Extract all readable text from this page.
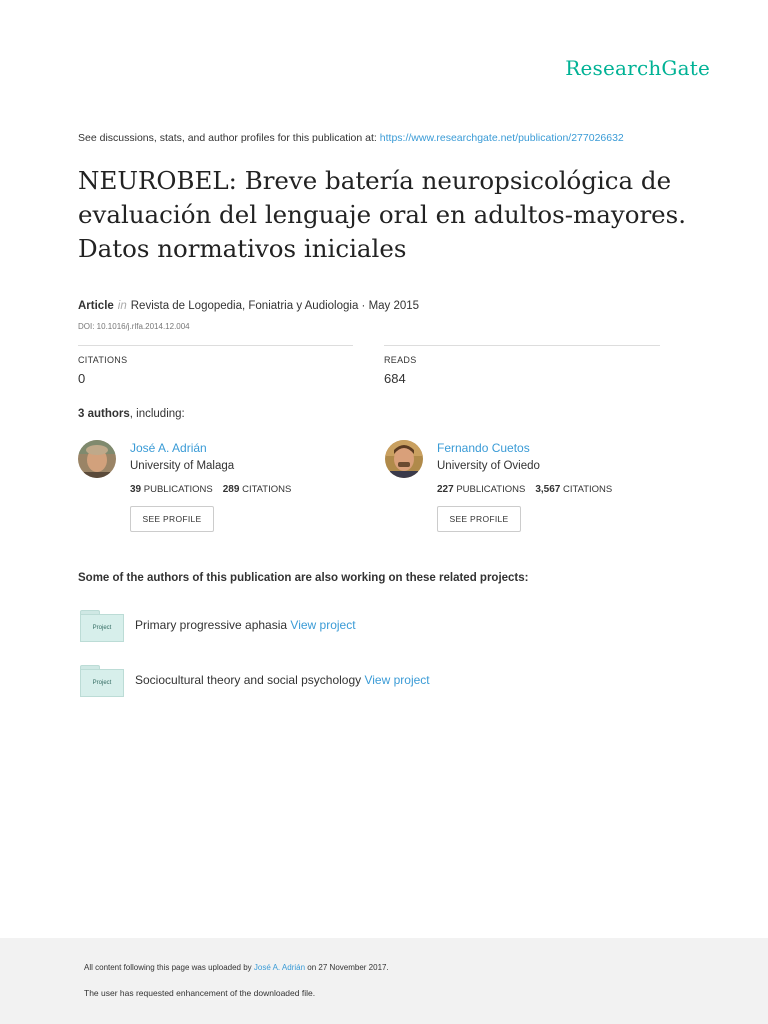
ResearchGate
See discussions, stats, and author profiles for this publication at: https://www.researchgate.net/publication/277026632
NEUROBEL: Breve batería neuropsicológica de evaluación del lenguaje oral en adultos-mayores. Datos normativos iniciales
Article in Revista de Logopedia, Foniatria y Audiologia · May 2015
DOI: 10.1016/j.rlfa.2014.12.004
CITATIONS
0
READS
684
3 authors, including:
José A. Adrián
University of Malaga
39 PUBLICATIONS 289 CITATIONS
SEE PROFILE
Fernando Cuetos
University of Oviedo
227 PUBLICATIONS 3,567 CITATIONS
SEE PROFILE
Some of the authors of this publication are also working on these related projects:
Project	Primary progressive aphasia View project
Project	Sociocultural theory and social psychology View project
All content following this page was uploaded by José A. Adrián on 27 November 2017.
The user has requested enhancement of the downloaded file.
